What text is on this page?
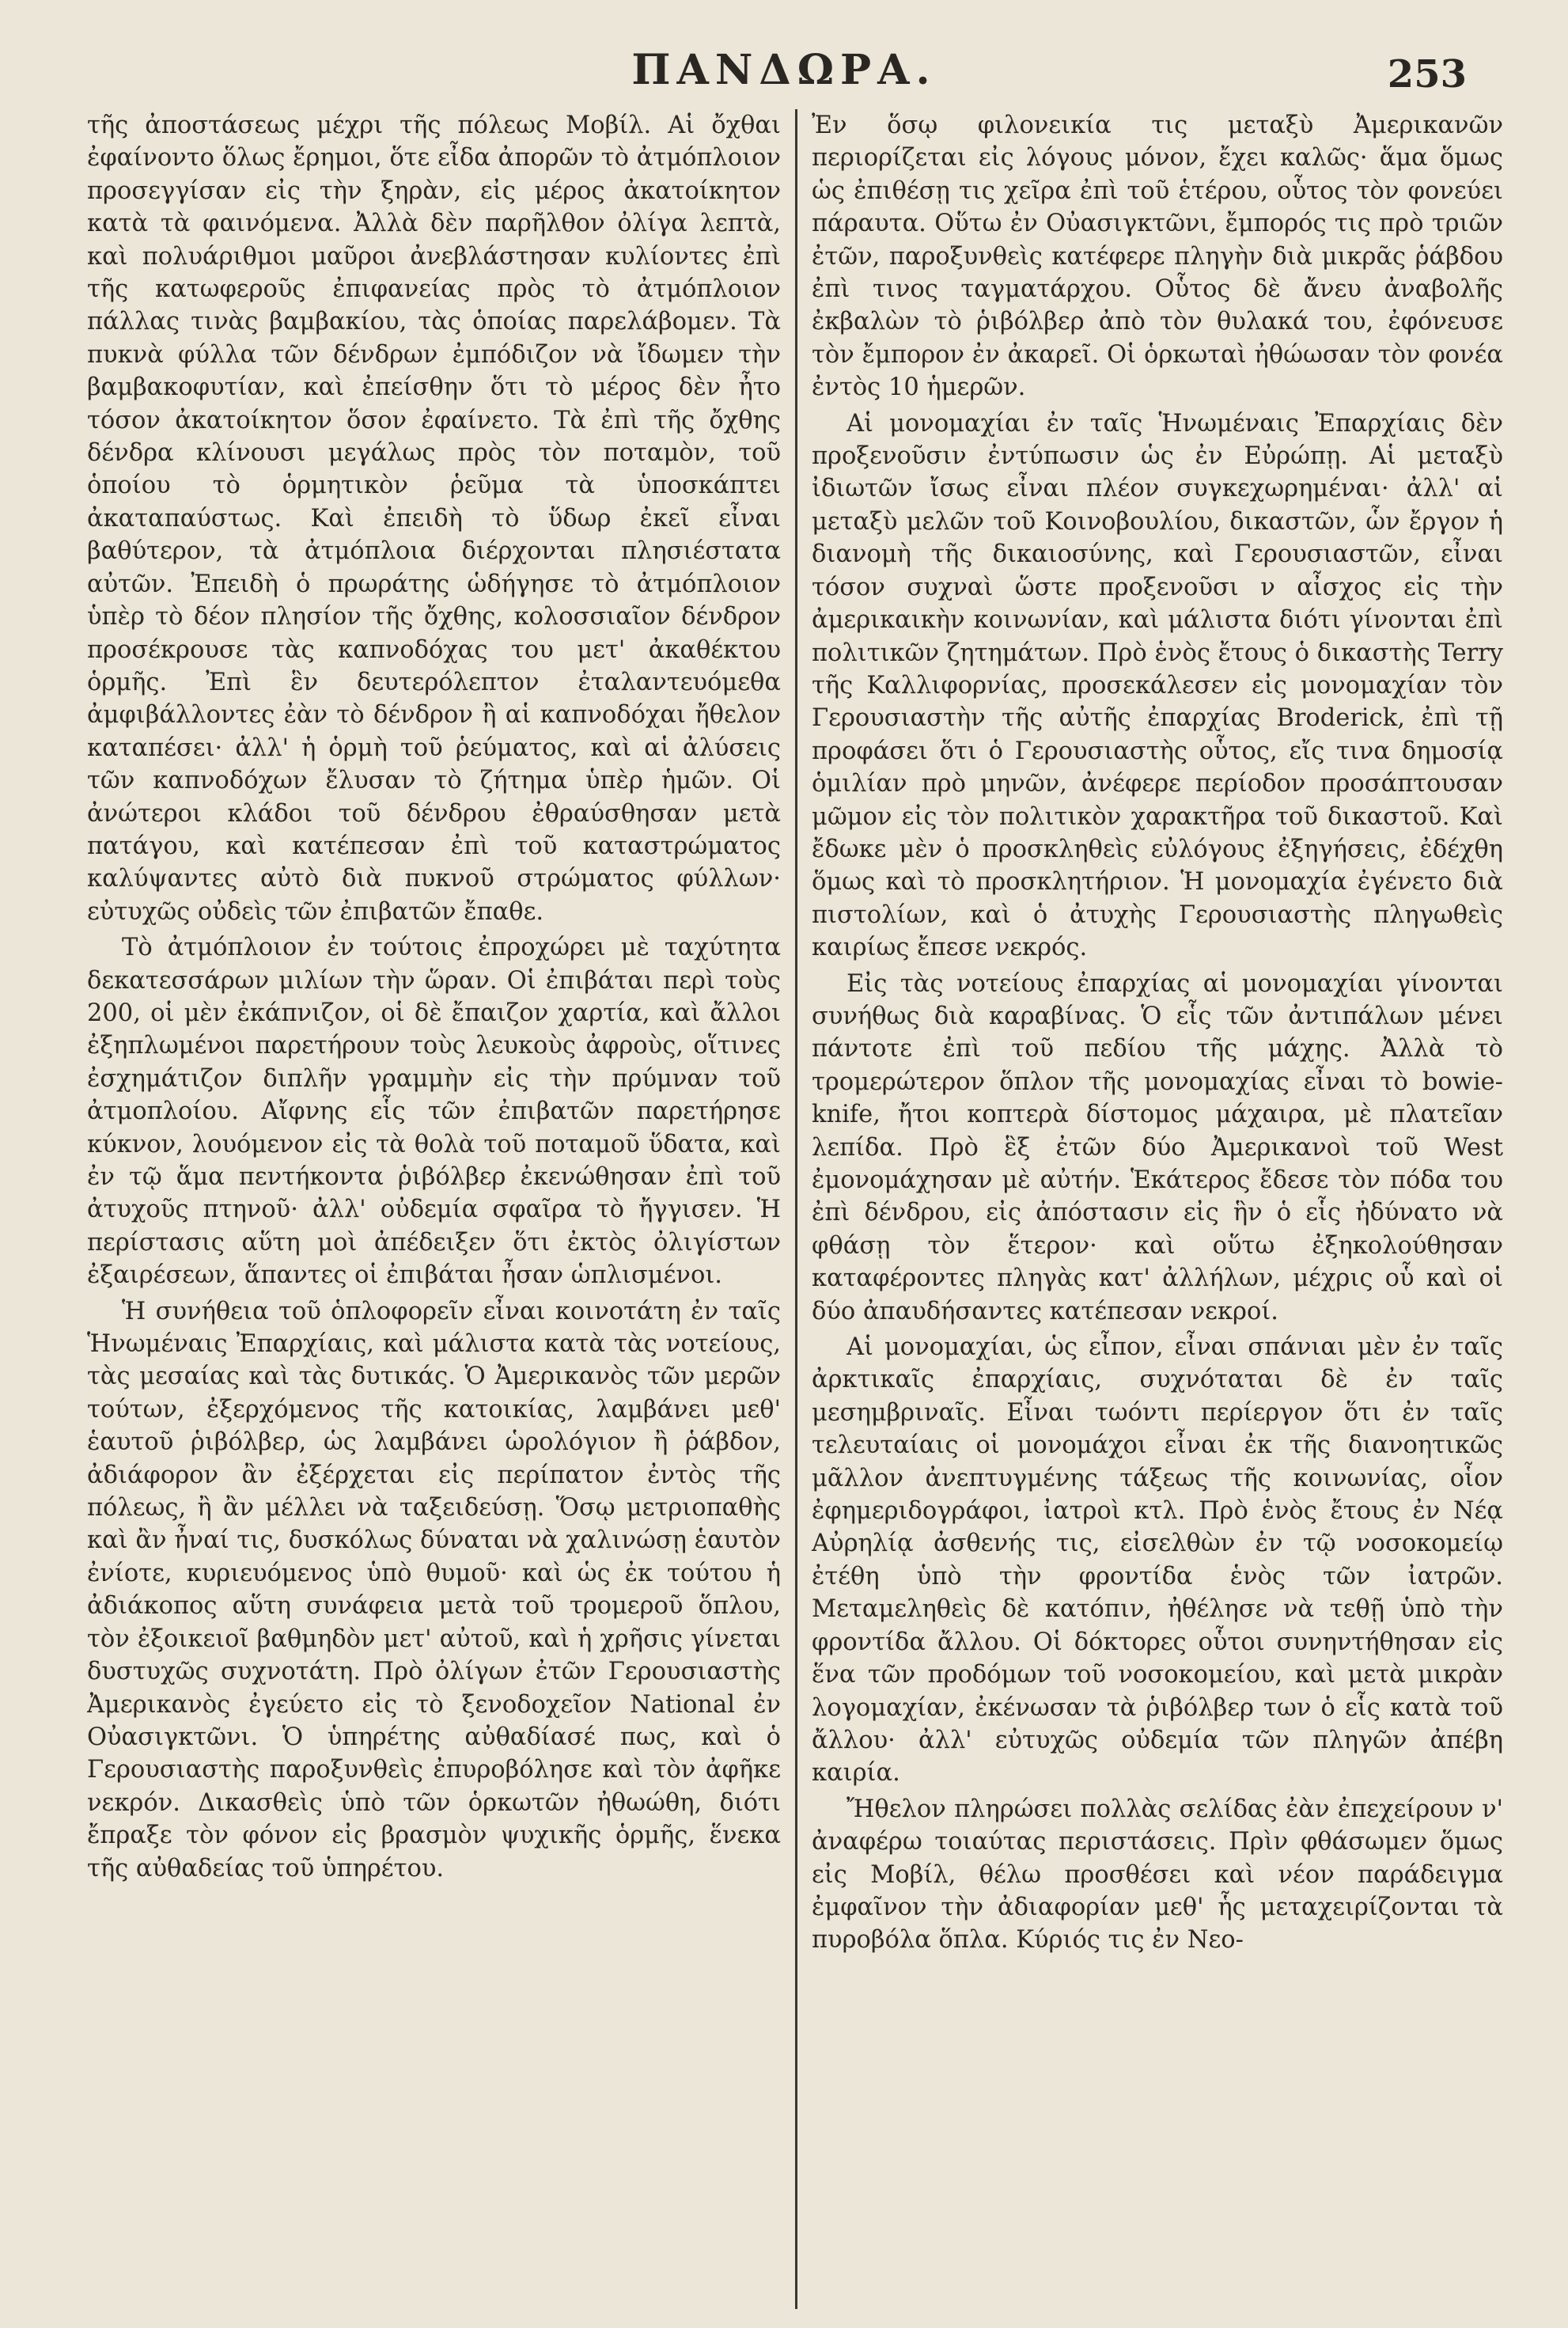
ΠΑΝΔΩΡΑ.	253

τῆς ἀποστάσεως μέχρι τῆς πόλεως Μοβίλ. Αἱ ὄχθαι ἐφαίνοντο ὅλως ἔρημοι, ὅτε εἶδα ἀπορῶν τὸ ἀτμόπλοιον προσεγγίσαν εἰς τὴν ξηρὰν, εἰς μέρος ἀκατοίκητον κατὰ τὰ φαινόμενα. Ἀλλὰ δὲν παρῆλθον ὀλίγα λεπτὰ, καὶ πολυάριθμοι μαῦροι ἀνεβλάστησαν κυλίοντες ἐπὶ τῆς κατωφεροῦς ἐπιφανείας πρὸς τὸ ἀτμόπλοιον πάλλας τινὰς βαμβακίου, τὰς ὁποίας παρελάβομεν. Τὰ πυκνὰ φύλλα τῶν δένδρων ἐμπόδιζον νὰ ἴδωμεν τὴν βαμβακοφυτίαν, καὶ ἐπείσθην ὅτι τὸ μέρος δὲν ἦτο τόσον ἀκατοίκητον ὅσον ἐφαίνετο. Τὰ ἐπὶ τῆς ὄχθης δένδρα κλίνουσι μεγάλως πρὸς τὸν ποταμὸν, τοῦ ὁποίου τὸ ὁρμητικὸν ῥεῦμα τὰ ὑποσκάπτει ἀκαταπαύστως. Καὶ ἐπειδὴ τὸ ὕδωρ ἐκεῖ εἶναι βαθύτερον, τὰ ἀτμόπλοια διέρχονται πλησιέστατα αὐτῶν. Ἐπειδὴ ὁ πρωράτης ὡδήγησε τὸ ἀτμόπλοιον ὑπὲρ τὸ δέον πλησίον τῆς ὄχθης, κολοσσιαῖον δένδρον προσέκρουσε τὰς καπνοδόχας του μετ' ἀκαθέκτου ὁρμῆς. Ἐπὶ ἓν δευτερόλεπτον ἐταλαντευόμεθα ἀμφιβάλλοντες ἐὰν τὸ δένδρον ἢ αἱ καπνοδόχαι ἤθελον καταπέσει· ἀλλ' ἡ ὁρμὴ τοῦ ῥεύματος, καὶ αἱ ἀλύσεις τῶν καπνοδόχων ἔλυσαν τὸ ζήτημα ὑπὲρ ἡμῶν. Οἱ ἀνώτεροι κλάδοι τοῦ δένδρου ἐθραύσθησαν μετὰ πατάγου, καὶ κατέπεσαν ἐπὶ τοῦ καταστρώματος καλύψαντες αὐτὸ διὰ πυκνοῦ στρώματος φύλλων· εὐτυχῶς οὐδεὶς τῶν ἐπιβατῶν ἔπαθε.

Τὸ ἀτμόπλοιον ἐν τούτοις ἐπροχώρει μὲ ταχύτητα δεκατεσσάρων μιλίων τὴν ὥραν. Οἱ ἐπιβάται περὶ τοὺς 200, οἱ μὲν ἐκάπνιζον, οἱ δὲ ἔπαιζον χαρτία, καὶ ἄλλοι ἐξηπλωμένοι παρετήρουν τοὺς λευκοὺς ἀφροὺς, οἵτινες ἐσχημάτιζον διπλῆν γραμμὴν εἰς τὴν πρύμναν τοῦ ἀτμοπλοίου. Αἴφνης εἷς τῶν ἐπιβατῶν παρετήρησε κύκνον, λουόμενον εἰς τὰ θολὰ τοῦ ποταμοῦ ὕδατα, καὶ ἐν τῷ ἅμα πεντήκοντα ῥιβόλβερ ἐκενώθησαν ἐπὶ τοῦ ἀτυχοῦς πτηνοῦ· ἀλλ' οὐδεμία σφαῖρα τὸ ἤγγισεν. Ἡ περίστασις αὕτη μοὶ ἀπέδειξεν ὅτι ἐκτὸς ὀλιγίστων ἐξαιρέσεων, ἅπαντες οἱ ἐπιβάται ἦσαν ὡπλισμένοι.

Ἡ συνήθεια τοῦ ὁπλοφορεῖν εἶναι κοινοτάτη ἐν ταῖς Ἡνωμέναις Ἐπαρχίαις, καὶ μάλιστα κατὰ τὰς νοτείους, τὰς μεσαίας καὶ τὰς δυτικάς. Ὁ Ἀμερικανὸς τῶν μερῶν τούτων, ἐξερχόμενος τῆς κατοικίας, λαμβάνει μεθ' ἑαυτοῦ ῥιβόλβερ, ὡς λαμβάνει ὡρολόγιον ἢ ῥάβδον, ἀδιάφορον ἂν ἐξέρχεται εἰς περίπατον ἐντὸς τῆς πόλεως, ἢ ἂν μέλλει νὰ ταξειδεύσῃ. Ὅσῳ μετριοπαθὴς καὶ ἂν ἦναί τις, δυσκόλως δύναται νὰ χαλινώσῃ ἑαυτὸν ἐνίοτε, κυριευόμενος ὑπὸ θυμοῦ· καὶ ὡς ἐκ τούτου ἡ ἀδιάκοπος αὕτη συνάφεια μετὰ τοῦ τρομεροῦ ὅπλου, τὸν ἐξοικειοῖ βαθμηδὸν μετ' αὐτοῦ, καὶ ἡ χρῆσις γίνεται δυστυχῶς συχνοτάτη. Πρὸ ὀλίγων ἐτῶν Γερουσιαστὴς Ἀμερικανὸς ἐγεύετο εἰς τὸ ξενοδοχεῖον National ἐν Οὐασιγκτῶνι. Ὁ ὑπηρέτης αὐθαδίασέ πως, καὶ ὁ Γερουσιαστὴς παροξυνθεὶς ἐπυροβόλησε καὶ τὸν ἀφῆκε νεκρόν. Δικασθεὶς ὑπὸ τῶν ὁρκωτῶν ἠθωώθη, διότι ἔπραξε τὸν φόνον εἰς βρασμὸν ψυχικῆς ὁρμῆς, ἕνεκα τῆς αὐθαδείας τοῦ ὑπηρέτου.

Ἐν ὅσῳ φιλονεικία τις μεταξὺ Ἀμερικανῶν περιορίζεται εἰς λόγους μόνον, ἔχει καλῶς· ἅμα ὅμως ὡς ἐπιθέσῃ τις χεῖρα ἐπὶ τοῦ ἑτέρου, οὗτος τὸν φονεύει πάραυτα. Οὕτω ἐν Οὐασιγκτῶνι, ἔμπορός τις πρὸ τριῶν ἐτῶν, παροξυνθεὶς κατέφερε πληγὴν διὰ μικρᾶς ῥάβδου ἐπὶ τινος ταγματάρχου. Οὗτος δὲ ἄνευ ἀναβολῆς ἐκβαλὼν τὸ ῥιβόλβερ ἀπὸ τὸν θυλακά του, ἐφόνευσε τὸν ἔμπορον ἐν ἀκαρεῖ. Οἱ ὁρκωταὶ ἠθώωσαν τὸν φονέα ἐντὸς 10 ἡμερῶν.

Αἱ μονομαχίαι ἐν ταῖς Ἡνωμέναις Ἐπαρχίαις δὲν προξενοῦσιν ἐντύπωσιν ὡς ἐν Εὐρώπῃ. Αἱ μεταξὺ ἰδιωτῶν ἴσως εἶναι πλέον συγκεχωρημέναι· ἀλλ' αἱ μεταξὺ μελῶν τοῦ Κοινοβουλίου, δικαστῶν, ὧν ἔργον ἡ διανομὴ τῆς δικαιοσύνης, καὶ Γερουσιαστῶν, εἶναι τόσον συχναὶ ὥστε προξενοῦσι ν αἶσχος εἰς τὴν ἀμερικαικὴν κοινωνίαν, καὶ μάλιστα διότι γίνονται ἐπὶ πολιτικῶν ζητημάτων. Πρὸ ἑνὸς ἔτους ὁ δικαστὴς Terry τῆς Καλλιφορνίας, προσεκάλεσεν εἰς μονομαχίαν τὸν Γερουσιαστὴν τῆς αὐτῆς ἐπαρχίας Broderick, ἐπὶ τῇ προφάσει ὅτι ὁ Γερουσιαστὴς οὗτος, εἴς τινα δημοσίᾳ ὁμιλίαν πρὸ μηνῶν, ἀνέφερε περίοδον προσάπτουσαν μῶμον εἰς τὸν πολιτικὸν χαρακτῆρα τοῦ δικαστοῦ. Καὶ ἔδωκε μὲν ὁ προσκληθεὶς εὐλόγους ἐξηγήσεις, ἐδέχθη ὅμως καὶ τὸ προσκλητήριον. Ἡ μονομαχία ἐγένετο διὰ πιστολίων, καὶ ὁ ἀτυχὴς Γερουσιαστὴς πληγωθεὶς καιρίως ἔπεσε νεκρός.

Εἰς τὰς νοτείους ἐπαρχίας αἱ μονομαχίαι γίνονται συνήθως διὰ καραβίνας. Ὁ εἷς τῶν ἀντιπάλων μένει πάντοτε ἐπὶ τοῦ πεδίου τῆς μάχης. Ἀλλὰ τὸ τρομερώτερον ὅπλον τῆς μονομαχίας εἶναι τὸ bowie-knife, ἤτοι κοπτερὰ δίστομος μάχαιρα, μὲ πλατεῖαν λεπίδα. Πρὸ ἓξ ἐτῶν δύο Ἀμερικανοὶ τοῦ West ἐμονομάχησαν μὲ αὐτήν. Ἑκάτερος ἔδεσε τὸν πόδα του ἐπὶ δένδρου, εἰς ἀπόστασιν εἰς ἣν ὁ εἷς ἠδύνατο νὰ φθάσῃ τὸν ἕτερον· καὶ οὕτω ἐξηκολούθησαν καταφέροντες πληγὰς κατ' ἀλλήλων, μέχρις οὗ καὶ οἱ δύο ἀπαυδήσαντες κατέπεσαν νεκροί.

Αἱ μονομαχίαι, ὡς εἶπον, εἶναι σπάνιαι μὲν ἐν ταῖς ἀρκτικαῖς ἐπαρχίαις, συχνόταται δὲ ἐν ταῖς μεσημβριναῖς. Εἶναι τωόντι περίεργον ὅτι ἐν ταῖς τελευταίαις οἱ μονομάχοι εἶναι ἐκ τῆς διανοητικῶς μᾶλλον ἀνεπτυγμένης τάξεως τῆς κοινωνίας, οἷον ἐφημεριδογράφοι, ἰατροὶ κτλ. Πρὸ ἑνὸς ἔτους ἐν Νέᾳ Αὐρηλίᾳ ἀσθενής τις, εἰσελθὼν ἐν τῷ νοσοκομείῳ ἐτέθη ὑπὸ τὴν φροντίδα ἑνὸς τῶν ἰατρῶν. Μεταμεληθεὶς δὲ κατόπιν, ἠθέλησε νὰ τεθῇ ὑπὸ τὴν φροντίδα ἄλλου. Οἱ δόκτορες οὗτοι συνηντήθησαν εἰς ἕνα τῶν προδόμων τοῦ νοσοκομείου, καὶ μετὰ μικρὰν λογομαχίαν, ἐκένωσαν τὰ ῥιβόλβερ των ὁ εἷς κατὰ τοῦ ἄλλου· ἀλλ' εὐτυχῶς οὐδεμία τῶν πληγῶν ἀπέβη καιρία.

Ἤθελον πληρώσει πολλὰς σελίδας ἐὰν ἐπεχείρουν ν' ἀναφέρω τοιαύτας περιστάσεις. Πρὶν φθάσωμεν ὅμως εἰς Μοβίλ, θέλω προσθέσει καὶ νέον παράδειγμα ἐμφαῖνον τὴν ἀδιαφορίαν μεθ' ἧς μεταχειρίζονται τὰ πυροβόλα ὅπλα. Κύριός τις ἐν Νεο-
